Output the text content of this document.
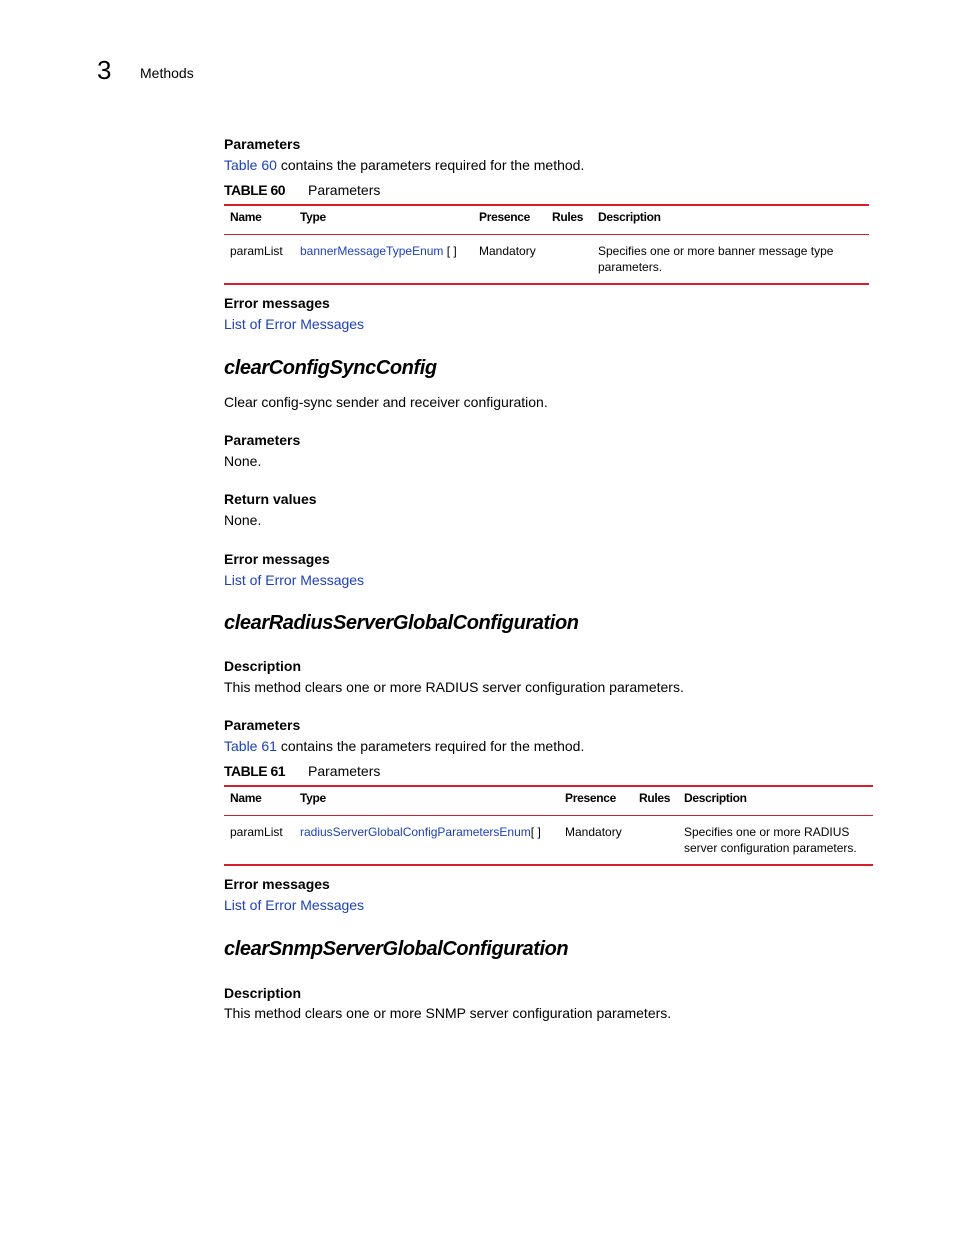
3 Methods
Parameters
Table 60 contains the parameters required for the method.
TABLE 60 Parameters
Name	Type	Presence	Rules	Description
paramList	bannerMessageTypeEnum [ ]	Mandatory		Specifies one or more banner message type parameters.
Error messages
List of Error Messages
clearConfigSyncConfig
Clear config-sync sender and receiver configuration.
Parameters
None.
Return values
None.
Error messages
List of Error Messages
clearRadiusServerGlobalConfiguration
Description
This method clears one or more RADIUS server configuration parameters.
Parameters
Table 61 contains the parameters required for the method.
TABLE 61 Parameters
Name	Type	Presence	Rules	Description
paramList	radiusServerGlobalConfigParametersEnum[ ]	Mandatory		Specifies one or more RADIUS server configuration parameters.
Error messages
List of Error Messages
clearSnmpServerGlobalConfiguration
Description
This method clears one or more SNMP server configuration parameters.
